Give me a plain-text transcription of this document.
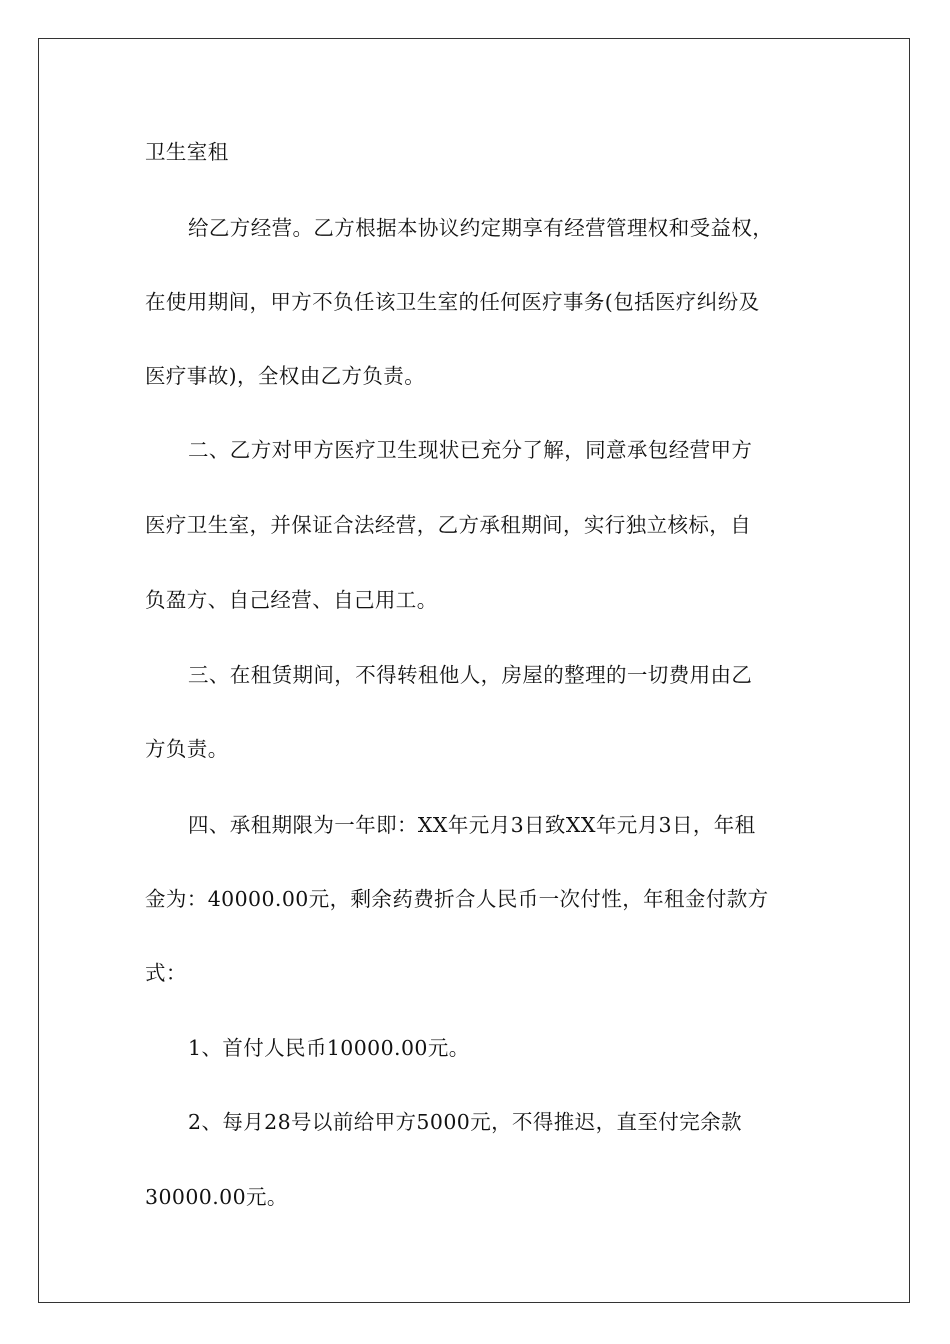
卫生室租
给乙方经营。乙方根据本协议约定期享有经营管理权和受益权，
在使用期间，甲方不负任该卫生室的任何医疗事务(包括医疗纠纷及
医疗事故)，全权由乙方负责。
二、乙方对甲方医疗卫生现状已充分了解，同意承包经营甲方
医疗卫生室，并保证合法经营，乙方承租期间，实行独立核标，自
负盈方、自己经营、自己用工。
三、在租赁期间，不得转租他人，房屋的整理的一切费用由乙
方负责。
四、承租期限为一年即：XX年元月3日致XX年元月3日，年租
金为：40000.00元，剩余药费折合人民币一次付性，年租金付款方
式：
1、首付人民币10000.00元。
2、每月28号以前给甲方5000元，不得推迟，直至付完余款
30000.00元。
